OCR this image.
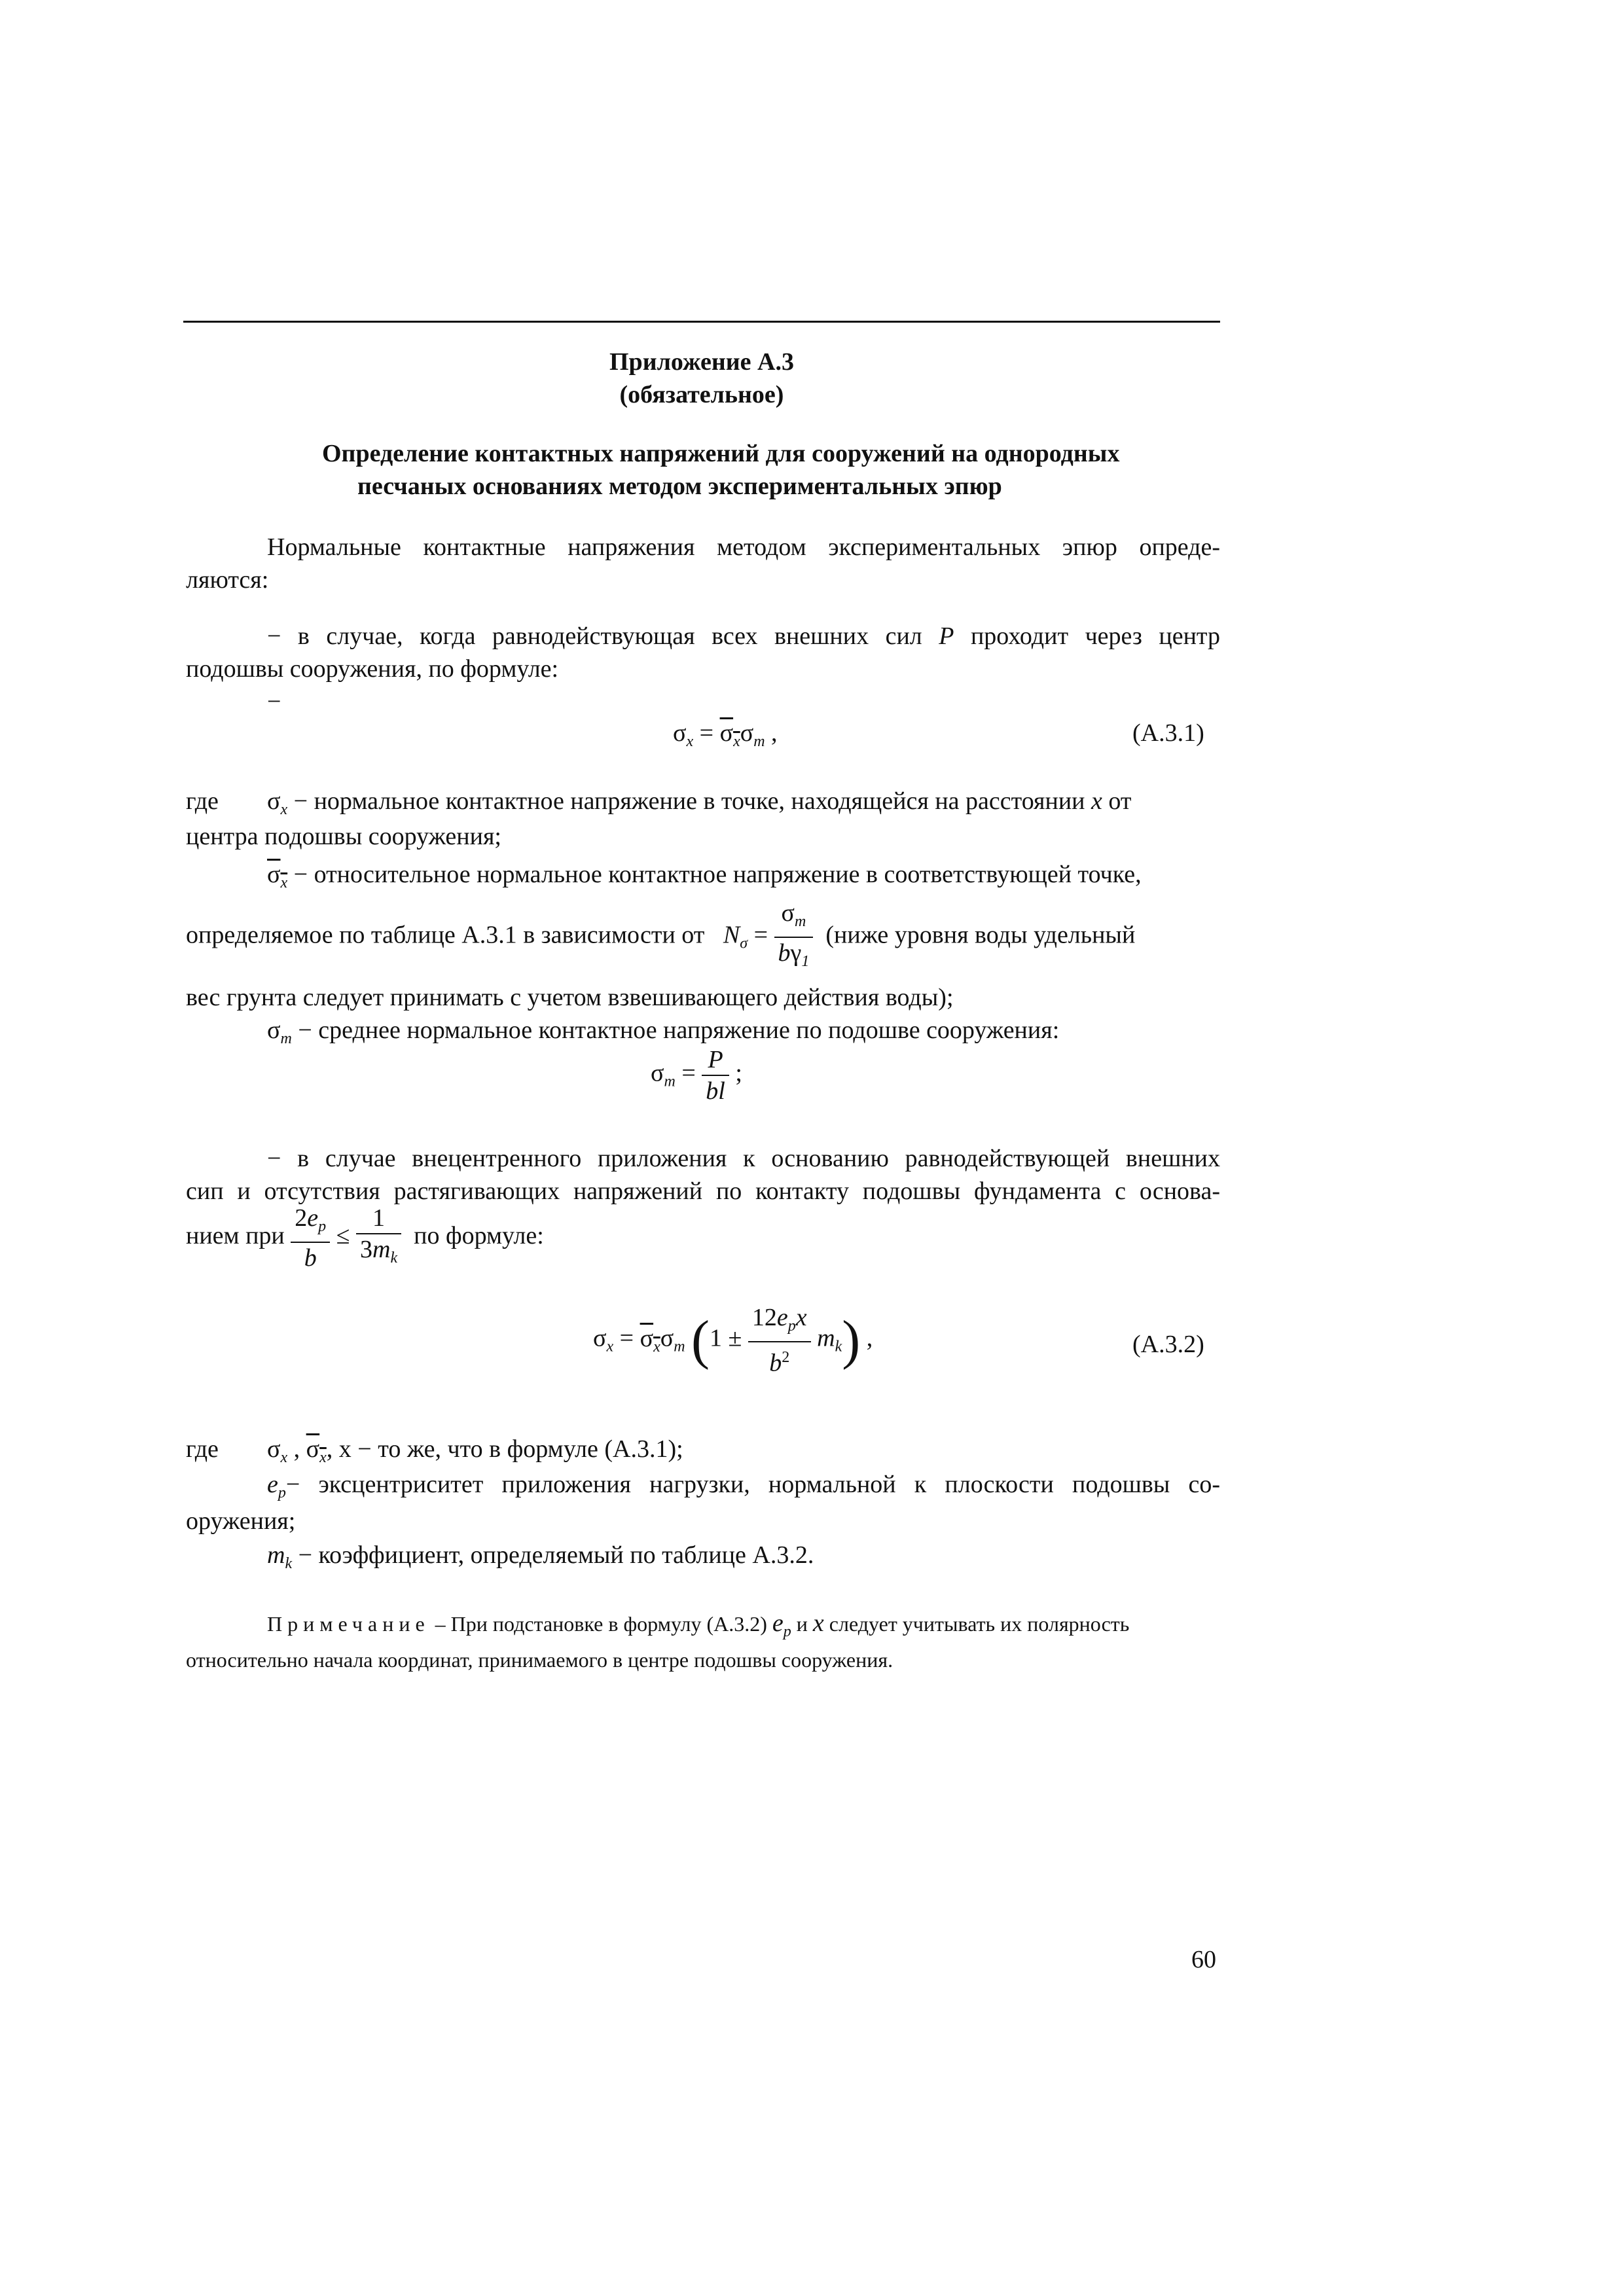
Приложение А.3
(обязательное)
Определение контактных напряжений для сооружений на однородных
песчаных основаниях методом экспериментальных эпюр
Нормальные контактные напряжения методом экспериментальных эпюр опреде-
ляются:
− в случае, когда равнодействующая всех внешних сил P проходит через центр
подошвы сооружения, по формуле:
−
$\sigma_x = \sigma_x\sigma_m$ ,	(А.3.1)
где $\sigma_x$ − нормальное контактное напряжение в точке, находящейся на расстоянии x от
центра подошвы сооружения;
$\sigma_x$ − относительное нормальное контактное напряжение в соответствующей точке,
определяемое по таблице А.3.1 в зависимости от $N_\sigma = \frac{\sigma_m}{b\gamma_1}$ (ниже уровня воды удельный
вес грунта следует принимать с учетом взвешивающего действия воды);
$\sigma_m$ − среднее нормальное контактное напряжение по подошве сооружения:
$\sigma_m = \frac{P}{bl}$ ;
− в случае внецентренного приложения к основанию равнодействующей внешних
сип и отсутствия растягивающих напряжений по контакту подошвы фундамента с основа-
нием при $\frac{2e_p}{b} \le \frac{1}{3m_k}$ по формуле:
$\sigma_x = \sigma_x\sigma_m$ $(1 \pm \frac{12e_px}{b^2} m_k)$ ,	(А.3.2)
где $\sigma_x$ , $\sigma_x$, x − то же, что в формуле (А.3.1);
$e_p-$ эксцентриситет приложения нагрузки, нормальной к плоскости подошвы со-
оружения;
$m_k$ − коэффициент, определяемый по таблице А.3.2.
Примечание – При подстановке в формулу (А.3.2) $e_p$ и x следует учитывать их полярность
относительно начала координат, принимаемого в центре подошвы сооружения.
60
